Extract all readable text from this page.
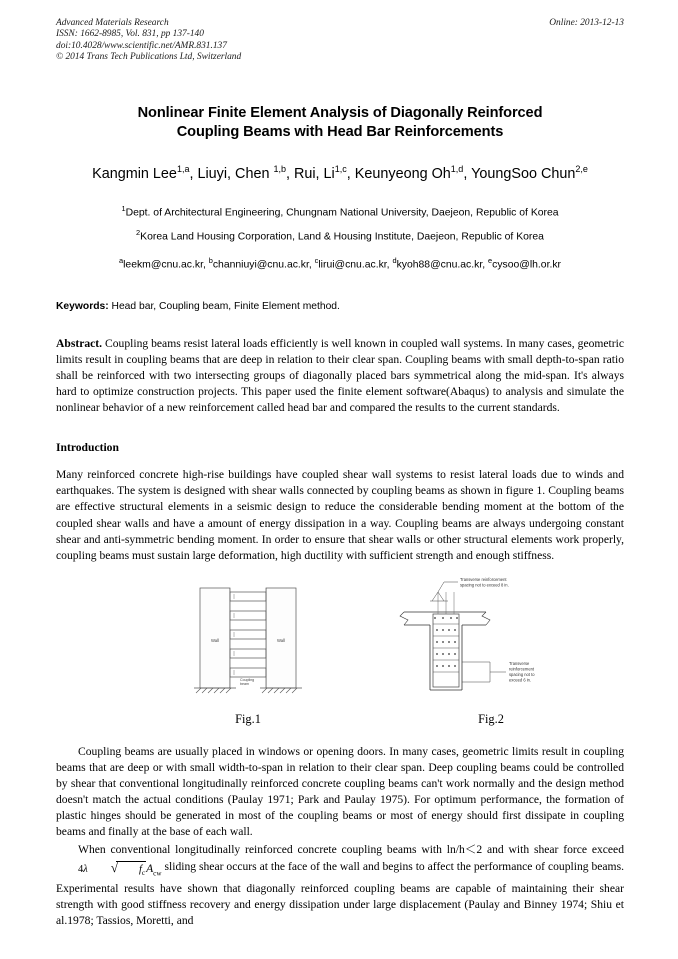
Advanced Materials Research
ISSN: 1662-8985, Vol. 831, pp 137-140
doi:10.4028/www.scientific.net/AMR.831.137
© 2014 Trans Tech Publications Ltd, Switzerland
Online: 2013-12-13
Nonlinear Finite Element Analysis of Diagonally Reinforced
Coupling Beams with Head Bar Reinforcements
Kangmin Lee$^{1,a}$, Liuyi, Chen $^{1,b}$, Rui, Li$^{1,c}$, Keunyeong Oh$^{1,d}$, YoungSoo Chun$^{2,e}$
$^1$Dept. of Architectural Engineering, Chungnam National University, Daejeon, Republic of Korea
$^2$Korea Land Housing Corporation, Land & Housing Institute, Daejeon, Republic of Korea
$^a$leekm@cnu.ac.kr, $^b$channiuyi@cnu.ac.kr, $^c$lirui@cnu.ac.kr, $^d$kyoh88@cnu.ac.kr, $^e$cysoo@lh.or.kr
Keywords: Head bar, Coupling beam, Finite Element method.
Abstract. Coupling beams resist lateral loads efficiently is well known in coupled wall systems. In many cases, geometric limits result in coupling beams that are deep in relation to their clear span. Coupling beams with small depth-to-span ratio shall be reinforced with two intersecting groups of diagonally placed bars symmetrical along the mid-span. It's always hard to optimize construction projects. This paper used the finite element software(Abaqus) to analysis and simulate the nonlinear behavior of a new reinforcement called head bar and compared the results to the current standards.
Introduction
Many reinforced concrete high-rise buildings have coupled shear wall systems to resist lateral loads due to winds and earthquakes. The system is designed with shear walls connected by coupling beams as shown in figure 1. Coupling beams are effective structural elements in a seismic design to reduce the considerable bending moment at the bottom of the coupled shear walls and have a amount of energy dissipation in a way. Coupling beams are always undergoing constant shear and anti-symmetric bending moment. In order to ensure that shear walls or other structural elements work properly, coupling beams must sustain large deformation, high ductility with sufficient strength and enough stiffness.
Wall	Wall
Coupling
beam
Fig.1
Transverse reinforcement
spacing not to exceed 8 in.
Transverse
reinforcement
spacing not to
exceed 6 in.
Fig.2
Coupling beams are usually placed in windows or opening doors. In many cases, geometric limits result in coupling beams that are deep or with small width-to-span in relation to their clear span. Deep coupling beams could be controlled by shear that conventional longitudinally reinforced concrete coupling beams can't work normally and the design method doesn't match the actual conditions (Paulay 1971; Park and Paulay 1975). For optimum performance, the formation of plastic hinges should be generated in most of the coupling beams or most of energy should first dissipate in coupling beams and finally at the base of each wall.
When conventional longitudinally reinforced concrete coupling beams with ln/h＜2 and with shear force exceed 4λ √ $f_cA_{cw}$ sliding shear occurs at the face of the wall and begins to affect the performance of coupling beams. Experimental results have shown that diagonally reinforced coupling beams are capable of maintaining their shear strength with good stiffness recovery and energy dissipation under large displacement (Paulay and Binney 1974; Shiu et al.1978; Tassios, Moretti, and
